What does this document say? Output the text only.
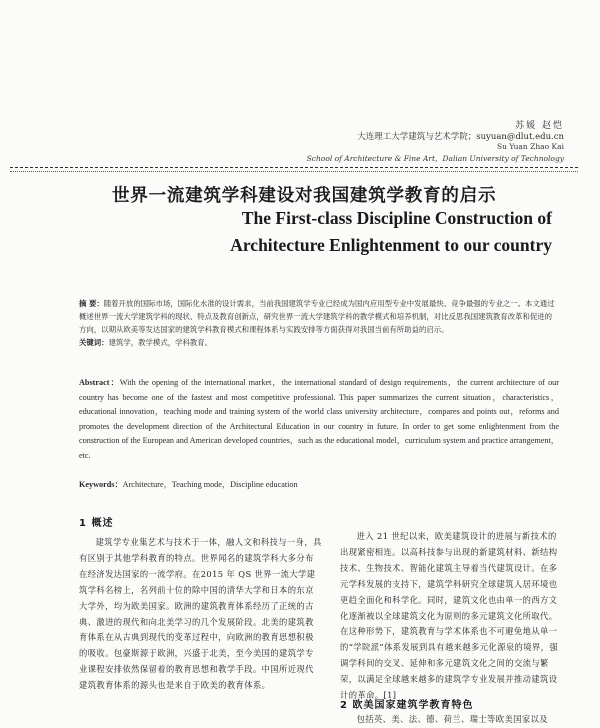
苏媛 赵恺
大连理工大学建筑与艺术学院；suyuan@dlut.edu.cn
Su Yuan Zhao Kai
School of Architecture & Fine Art，Dalian University of Technology
世界一流建筑学科建设对我国建筑学教育的启示
The First-class Discipline Construction of
Architecture Enlightenment to our country
摘 要：随着开放的国际市场，国际化水准的设计需求，当前我国建筑学专业已经成为国内应用型专业中发展最快、竞争最强的专业之一。本文通过概述世界一流大学建筑学科的现状、特点及教育创新点，研究世界一流大学建筑学科的教学模式和培养机制，对比反思我国建筑教育改革和促进的方向，以期从欧美等发达国家的建筑学科教育模式和课程体系与实践安排等方面获得对我国当前有所助益的启示。
关键词：建筑学，教学模式，学科教育。
Abstract：With the opening of the international market，the international standard of design requirements，the current architecture of our country has become one of the fastest and most competitive professional. This paper summarizes the current situation，characteristics，educational innovation，teaching mode and training system of the world class university architecture，compares and points out，reforms and promotes the development direction of the Architectural Education in our country in future. In order to get some enlightenment from the construction of the European and American developed countries，such as the educational model，curriculum system and practice arrangement，etc.
Keywords：Architecture，Teaching mode，Discipline education
1 概述

建筑学专业集艺术与技术于一体，融人文和科技与一身，具有区别于其他学科教育的特点。世界闻名的建筑学科大多分布在经济发达国家的一流学府。在2015 年 QS 世界一流大学建筑学科名榜上，名列前十位的除中国的清华大学和日本的东京大学外，均为欧美国家。欧洲的建筑教育体系经历了正统的古典、激进的现代和向北美学习的几个发展阶段。北美的建筑教育体系在从古典到现代的变革过程中，向欧洲的教育思想积极的吸收。包豪斯源于欧洲，兴盛于北美，至今美国的建筑学专业课程安排依然保留着的教育思想和教学手段。中国所近现代建筑教育体系的源头也是来自于欧美的教育体系。

进入 21 世纪以来，欧美建筑设计的进展与新技术的出现紧密相连。以高科技参与出现的新建筑材料、新结构技术、生物技术、智能化建筑主导着当代建筑设计。在多元学科发展的支持下，建筑学科研究全球建筑人居环境也更趋全面化和科学化。同时，建筑文化也由单一的西方文化逐渐被以全球建筑文化为原则的多元建筑文化所取代。在这种形势下，建筑教育与学术体系也不可避免地从单一的“学院派”体系发展到具有越来越多元化源泉的境界，强调学科间的交叉、延伸和多元建筑文化之间的交流与繁荣，以满足全球越来越多的建筑学专业发展并推动建筑设计的革命。[1]

2 欧美国家建筑学教育特色
包括英、美、法、德、荷兰、瑞士等欧美国家以及
